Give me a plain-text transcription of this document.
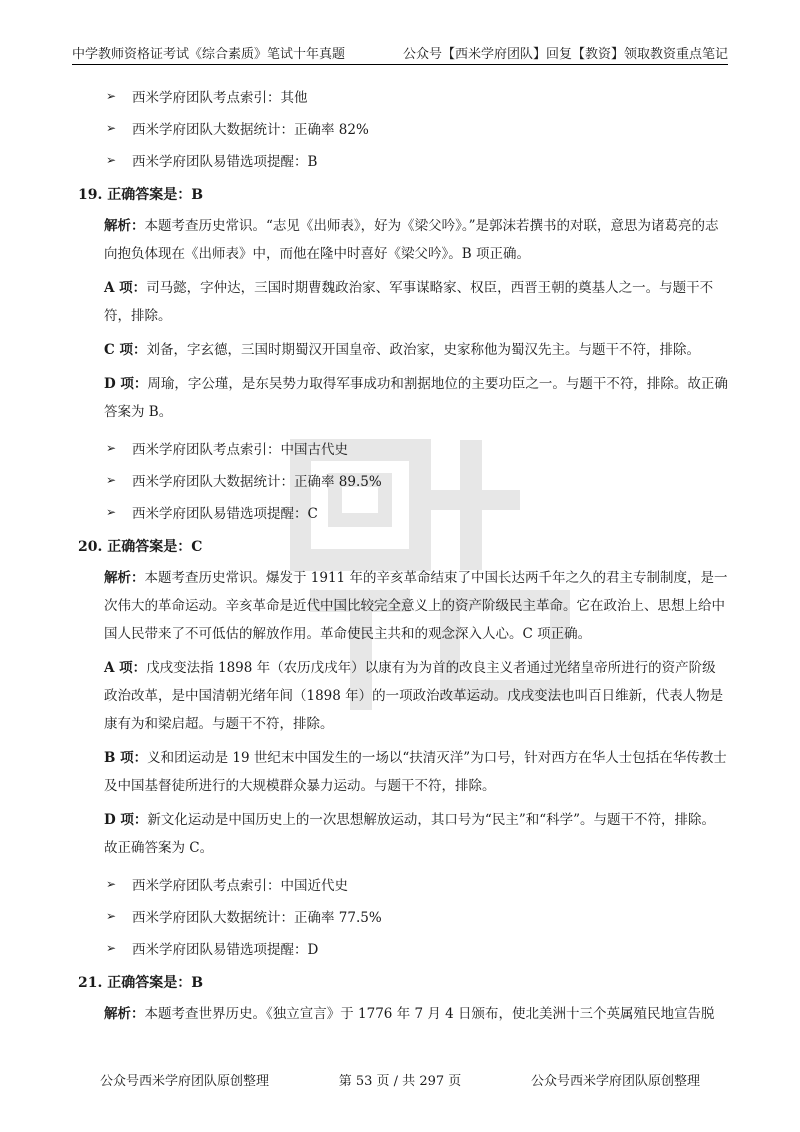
中学教师资格证考试《综合素质》笔试十年真题	公众号【西米学府团队】回复【教资】领取教资重点笔记
➢	西米学府团队考点索引：其他
➢	西米学府团队大数据统计：正确率 82%
➢	西米学府团队易错选项提醒：B
19. 正确答案是：B

解析：本题考查历史常识。“志见《出师表》，好为《梁父吟》。”是郭沫若撰书的对联，意思为诸葛亮的志向抱负体现在《出师表》中，而他在隆中时喜好《梁父吟》。B 项正确。

A 项：司马懿，字仲达，三国时期曹魏政治家、军事谋略家、权臣，西晋王朝的奠基人之一。与题干不符，排除。

C 项：刘备，字玄德，三国时期蜀汉开国皇帝、政治家，史家称他为蜀汉先主。与题干不符，排除。

D 项：周瑜，字公瑾，是东吴势力取得军事成功和割据地位的主要功臣之一。与题干不符，排除。故正确答案为 B。

➢	西米学府团队考点索引：中国古代史
➢	西米学府团队大数据统计：正确率 89.5%
➢	西米学府团队易错选项提醒：C
20. 正确答案是：C

解析：本题考查历史常识。爆发于 1911 年的辛亥革命结束了中国长达两千年之久的君主专制制度，是一次伟大的革命运动。辛亥革命是近代中国比较完全意义上的资产阶级民主革命。它在政治上、思想上给中国人民带来了不可低估的解放作用。革命使民主共和的观念深入人心。C 项正确。

A 项：戊戌变法指 1898 年（农历戊戌年）以康有为为首的改良主义者通过光绪皇帝所进行的资产阶级政治改革，是中国清朝光绪年间（1898 年）的一项政治改革运动。戊戌变法也叫百日维新，代表人物是康有为和梁启超。与题干不符，排除。

B 项：义和团运动是 19 世纪末中国发生的一场以“扶清灭洋”为口号，针对西方在华人士包括在华传教士及中国基督徒所进行的大规模群众暴力运动。与题干不符，排除。

D 项：新文化运动是中国历史上的一次思想解放运动，其口号为“民主”和“科学”。与题干不符，排除。故正确答案为 C。

➢	西米学府团队考点索引：中国近代史
➢	西米学府团队大数据统计：正确率 77.5%
➢	西米学府团队易错选项提醒：D
21. 正确答案是：B

解析：本题考查世界历史。《独立宣言》于 1776 年 7 月 4 日颁布，使北美洲十三个英属殖民地宣告脱

公众号西米学府团队原创整理	第 53 页 / 共 297 页	公众号西米学府团队原创整理
